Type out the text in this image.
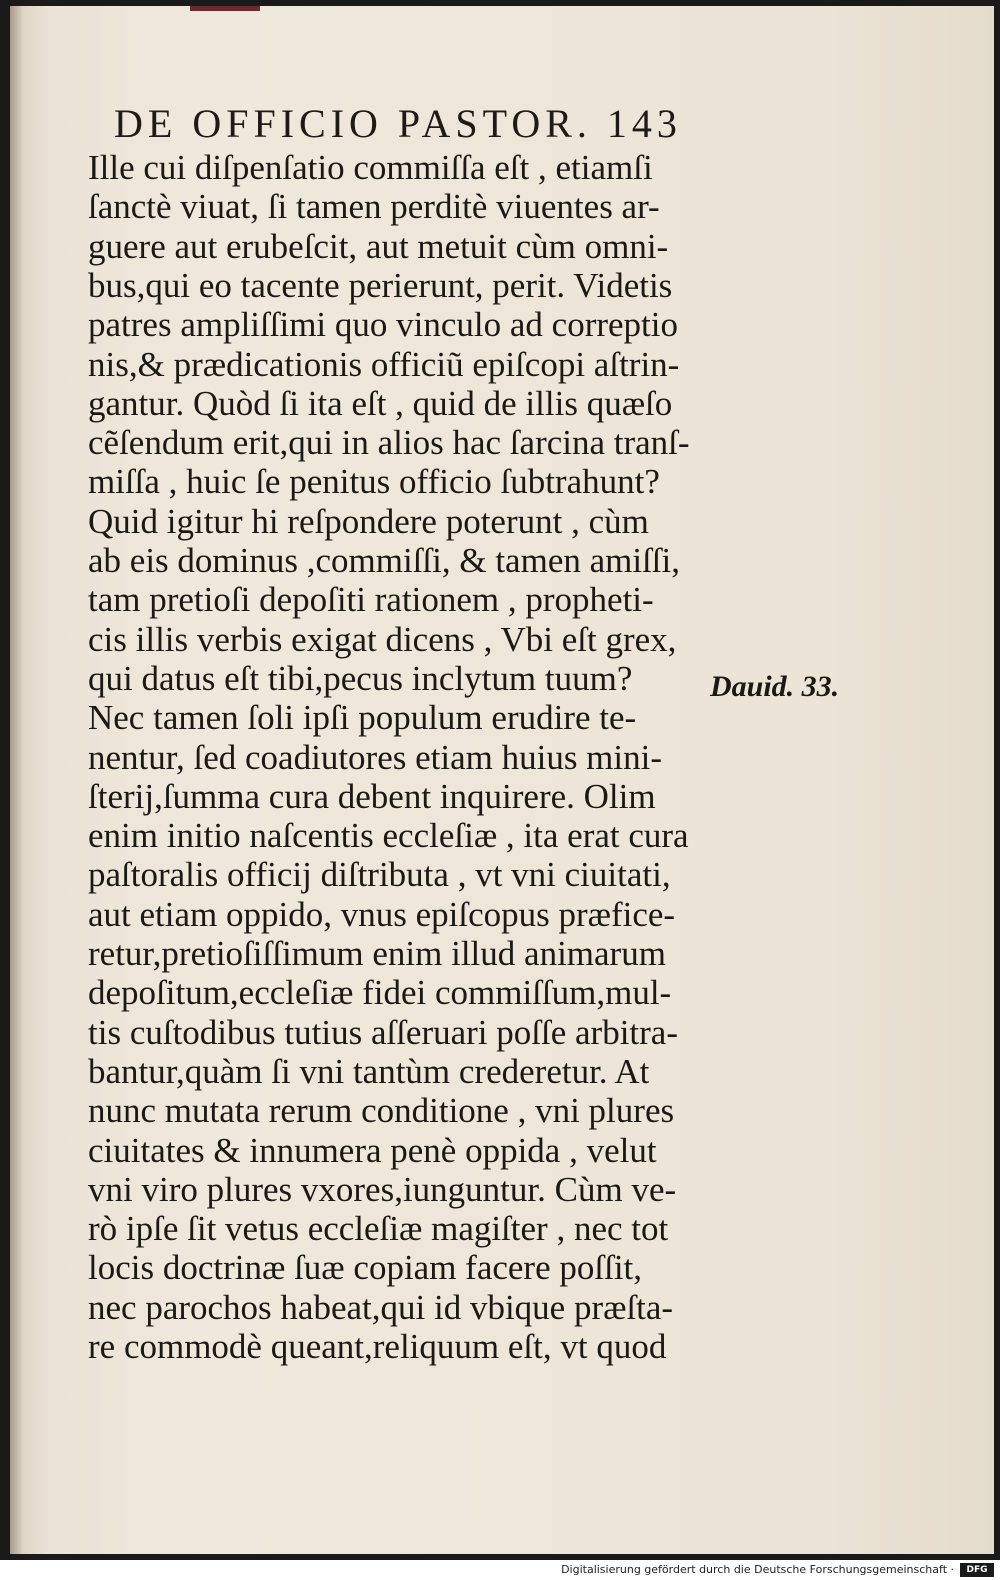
DE OFFICIO PASTOR. 143
Ille cui diſpenſatio commiſſa eſt , etiamſi
ſanctè viuat, ſi tamen perditè viuentes ar-
guere aut erubeſcit, aut metuit cùm omni-
bus,qui eo tacente perierunt, perit. Videtis
patres ampliſſimi quo vinculo ad correptio
nis,& prædicationis officiũ epiſcopi aſtrin-
gantur. Quòd ſi ita eſt , quid de illis quæſo
cẽſendum erit,qui in alios hac ſarcina tranſ-
miſſa , huic ſe penitus officio ſubtrahunt?
Quid igitur hi reſpondere poterunt , cùm
ab eis dominus ,commiſſi, & tamen amiſſi,
tam pretioſi depoſiti rationem , propheti-
cis illis verbis exigat dicens , Vbi eſt grex,
qui datus eſt tibi,pecus inclytum tuum?
Nec tamen ſoli ipſi populum erudire te-
nentur, ſed coadiutores etiam huius mini-
ſterij,ſumma cura debent inquirere. Olim
enim initio naſcentis eccleſiæ , ita erat cura
paſtoralis officij diſtributa , vt vni ciuitati,
aut etiam oppido, vnus epiſcopus præfice-
retur,pretioſiſſimum enim illud animarum
depoſitum,eccleſiæ fidei commiſſum,mul-
tis cuſtodibus tutius aſſeruari poſſe arbitra-
bantur,quàm ſi vni tantùm crederetur. At
nunc mutata rerum conditione , vni plures
ciuitates & innumera penè oppida , velut
vni viro plures vxores,iunguntur. Cùm ve-
rò ipſe ſit vetus eccleſiæ magiſter , nec tot
locis doctrinæ ſuæ copiam facere poſſit,
nec parochos habeat,qui id vbique præſta-
re commodè queant,reliquum eſt, vt quod
Dauid. 33.
Digitalisierung gefördert durch die Deutsche Forschungsgemeinschaft ·	DFG
